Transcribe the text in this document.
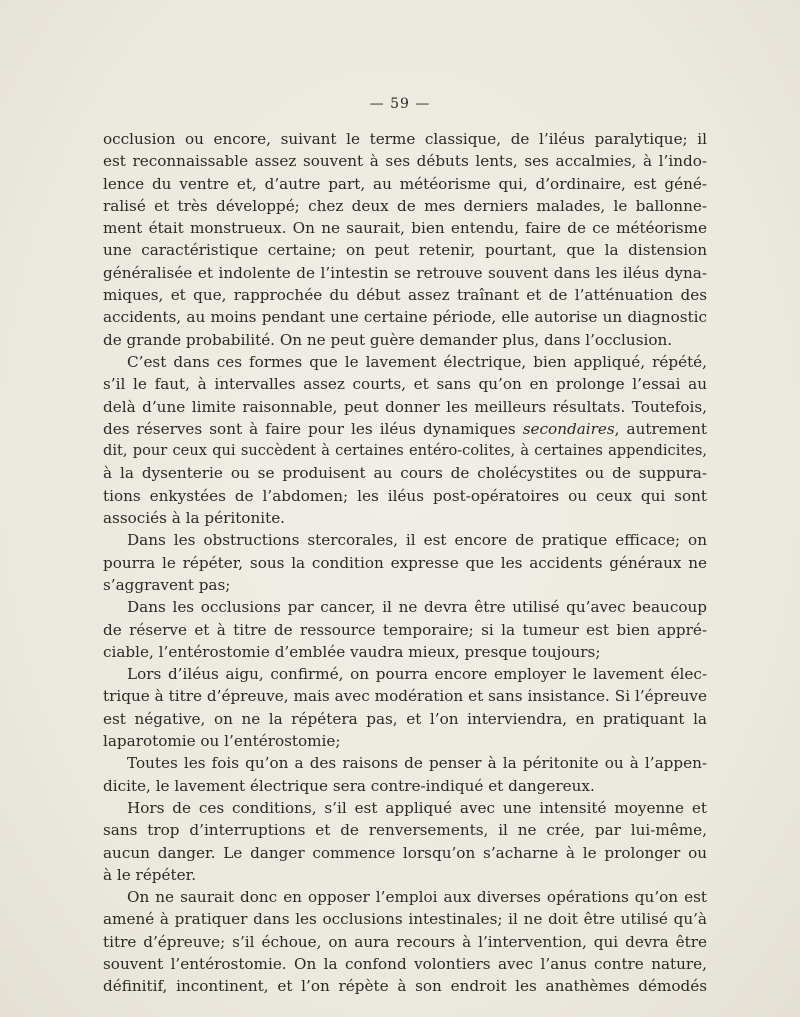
— 59 —
occlusion ou encore, suivant le terme classique, de l’iléus paralytique; il
est reconnaissable assez souvent à ses débuts lents, ses accalmies, à l’indo-
lence du ventre et, d’autre part, au météorisme qui, d’ordinaire, est géné-
ralisé et très développé; chez deux de mes derniers malades, le ballonne-
ment était monstrueux. On ne saurait, bien entendu, faire de ce météorisme
une caractéristique certaine; on peut retenir, pourtant, que la distension
généralisée et indolente de l’intestin se retrouve souvent dans les iléus dyna-
miques, et que, rapprochée du début assez traînant et de l’atténuation des
accidents, au moins pendant une certaine période, elle autorise un diagnostic
de grande probabilité. On ne peut guère demander plus, dans l’occlusion.
C’est dans ces formes que le lavement électrique, bien appliqué, répété,
s’il le faut, à intervalles assez courts, et sans qu’on en prolonge l’essai au
delà d’une limite raisonnable, peut donner les meilleurs résultats. Toutefois,
des réserves sont à faire pour les iléus dynamiques secondaires, autrement
dit, pour ceux qui succèdent à certaines entéro-colites, à certaines appendicites,
à la dysenterie ou se produisent au cours de cholécystites ou de suppura-
tions enkystées de l’abdomen; les iléus post-opératoires ou ceux qui sont
associés à la péritonite.
Dans les obstructions stercorales, il est encore de pratique efficace; on
pourra le répéter, sous la condition expresse que les accidents généraux ne
s’aggravent pas;
Dans les occlusions par cancer, il ne devra être utilisé qu’avec beaucoup
de réserve et à titre de ressource temporaire; si la tumeur est bien appré-
ciable, l’entérostomie d’emblée vaudra mieux, presque toujours;
Lors d’iléus aigu, confirmé, on pourra encore employer le lavement élec-
trique à titre d’épreuve, mais avec modération et sans insistance. Si l’épreuve
est négative, on ne la répétera pas, et l’on interviendra, en pratiquant la
laparotomie ou l’entérostomie;
Toutes les fois qu’on a des raisons de penser à la péritonite ou à l’appen-
dicite, le lavement électrique sera contre-indiqué et dangereux.
Hors de ces conditions, s’il est appliqué avec une intensité moyenne et
sans trop d’interruptions et de renversements, il ne crée, par lui-même,
aucun danger. Le danger commence lorsqu’on s’acharne à le prolonger ou
à le répéter.
On ne saurait donc en opposer l’emploi aux diverses opérations qu’on est
amené à pratiquer dans les occlusions intestinales; il ne doit être utilisé qu’à
titre d’épreuve; s’il échoue, on aura recours à l’intervention, qui devra être
souvent l’entérostomie. On la confond volontiers avec l’anus contre nature,
définitif, incontinent, et l’on répète à son endroit les anathèmes démodés
